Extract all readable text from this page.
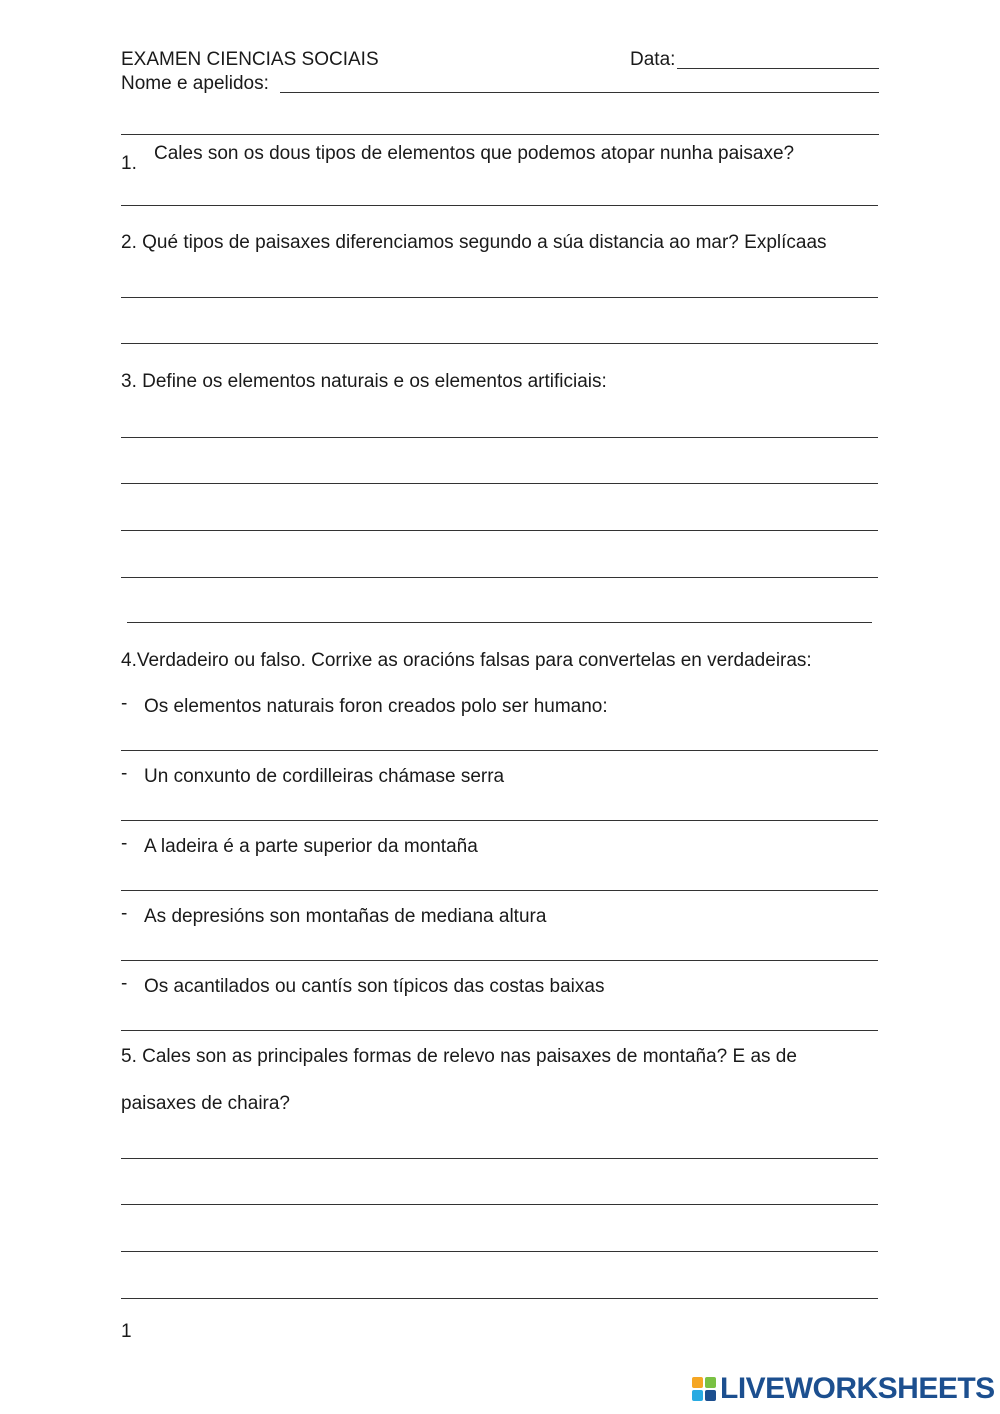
EXAMEN CIENCIAS SOCIAIS	Data:
Nome e apelidos:
1. Cales son os dous tipos de elementos que podemos atopar nunha paisaxe?
2. Qué tipos de paisaxes diferenciamos segundo a súa distancia ao mar? Explícaas
3. Define os elementos naturais e os elementos artificiais:
4.Verdadeiro ou falso. Corrixe as oracións falsas para convertelas en verdadeiras:
- Os elementos naturais foron creados polo ser humano:
- Un conxunto de cordilleiras chámase serra
- A ladeira é a parte superior da montaña
- As depresións son montañas de mediana altura
- Os acantilados ou cantís son típicos das costas baixas
5. Cales son as principales formas de relevo nas paisaxes de montaña? E as de
paisaxes de chaira?
1
LIVEWORKSHEETS
